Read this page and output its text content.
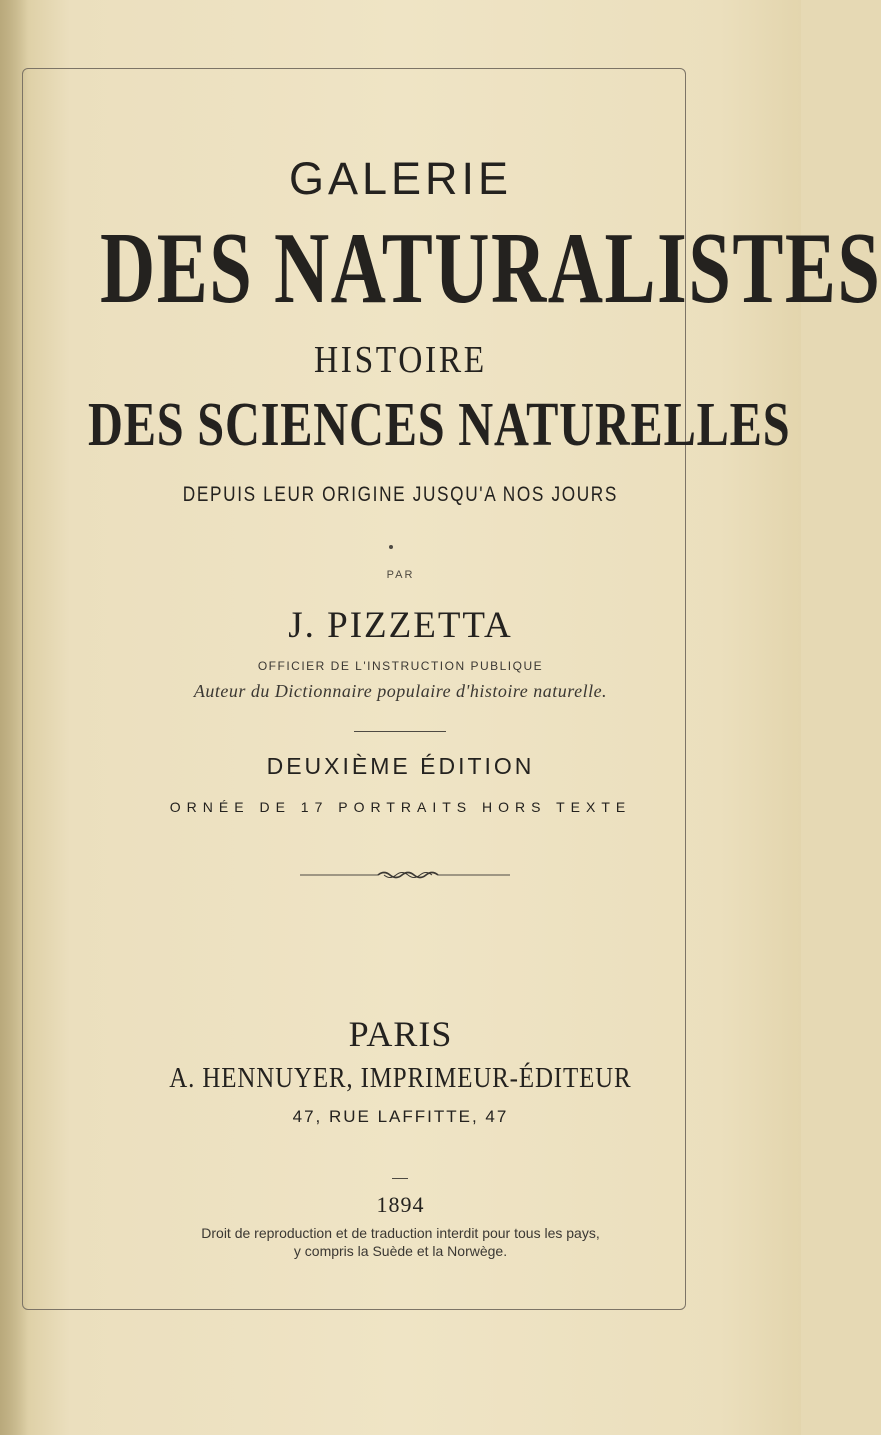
GALERIE
DES NATURALISTES
HISTOIRE
DES SCIENCES NATURELLES
DEPUIS LEUR ORIGINE JUSQU'A NOS JOURS
PAR
J. PIZZETTA
OFFICIER DE L'INSTRUCTION PUBLIQUE
Auteur du Dictionnaire populaire d'histoire naturelle.
DEUXIÈME ÉDITION
ORNÉE DE 17 PORTRAITS HORS TEXTE
PARIS
A. HENNUYER, IMPRIMEUR-ÉDITEUR
47, RUE LAFFITTE, 47
1894
Droit de reproduction et de traduction interdit pour tous les pays,
y compris la Suède et la Norwège.
